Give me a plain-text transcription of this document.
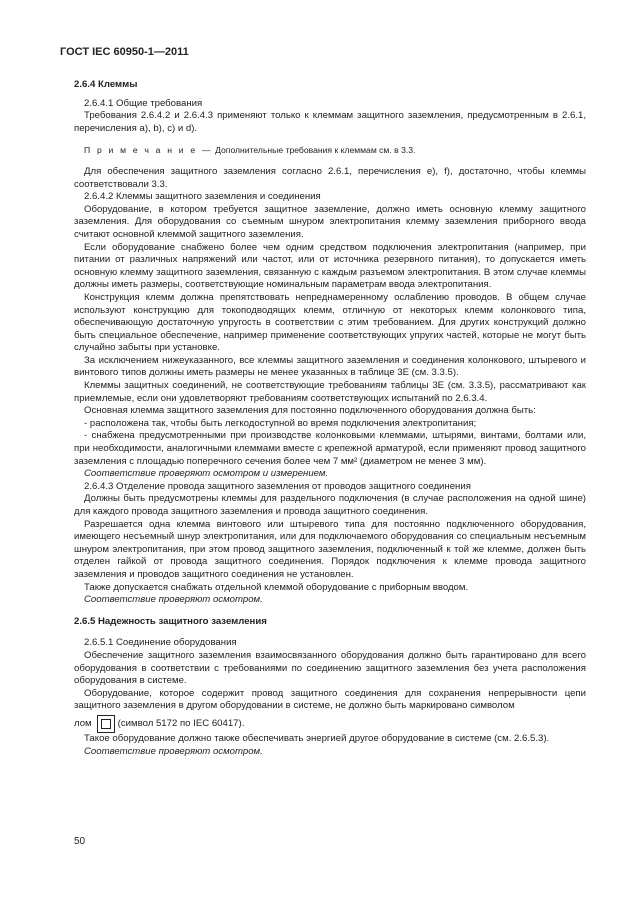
ГОСТ IEC 60950-1—2011

2.6.4 Клеммы

2.6.4.1 Общие требования

Требования 2.6.4.2 и 2.6.4.3 применяют только к клеммам защитного заземления, предусмотренным в 2.6.1, перечисления a), b), c) и d).

П р и м е ч а н и е — Дополнительные требования к клеммам см. в 3.3.

Для обеспечения защитного заземления согласно 2.6.1, перечисления e), f), достаточно, чтобы клеммы соответствовали 3.3.

2.6.4.2 Клеммы защитного заземления и соединения

Оборудование, в котором требуется защитное заземление, должно иметь основную клемму защитного заземления. Для оборудования со съемным шнуром электропитания клемму заземления приборного ввода считают основной клеммой защитного заземления.

Если оборудование снабжено более чем одним средством подключения электропитания (например, при питании от различных напряжений или частот, или от источника резервного питания), то допускается иметь основную клемму защитного заземления, связанную с каждым разъемом электропитания. В этом случае клеммы должны иметь размеры, соответствующие номинальным параметрам ввода электропитания.

Конструкция клемм должна препятствовать непреднамеренному ослаблению проводов. В общем случае используют конструкцию для токоподводящих клемм, отличную от некоторых клемм колонкового типа, обеспечивающую достаточную упругость в соответствии с этим требованием. Для других конструкций должно быть специальное обеспечение, например применение соответствующих упругих частей, которые не могут быть случайно забыты при установке.

За исключением нижеуказанного, все клеммы защитного заземления и соединения колонкового, штыревого и винтового типов должны иметь размеры не менее указанных в таблице 3E (см. 3.3.5).

Клеммы защитных соединений, не соответствующие требованиям таблицы 3E (см. 3.3.5), рассматривают как приемлемые, если они удовлетворяют требованиям соответствующих испытаний по 2.6.3.4.

Основная клемма защитного заземления для постоянно подключенного оборудования должна быть:

- расположена так, чтобы быть легкодоступной во время подключения электропитания;

- снабжена предусмотренными при производстве колонковыми клеммами, штырями, винтами, болтами или, при необходимости, аналогичными клеммами вместе с крепежной арматурой, если применяют провод защитного заземления с площадью поперечного сечения более чем 7 мм² (диаметром не менее 3 мм).

Соответствие проверяют осмотром и измерением.

2.6.4.3 Отделение провода защитного заземления от проводов защитного соединения

Должны быть предусмотрены клеммы для раздельного подключения (в случае расположения на одной шине) для каждого провода защитного заземления и провода защитного соединения.

Разрешается одна клемма винтового или штыревого типа для постоянно подключенного оборудования, имеющего несъемный шнур электропитания, или для подключаемого оборудования со специальным несъемным шнуром электропитания, при этом провод защитного заземления, подключенный к той же клемме, должен быть отделен гайкой от провода защитного соединения. Порядок подключения к клемме провода защитного заземления и проводов защитного соединения не установлен.

Также допускается снабжать отдельной клеммой оборудование с приборным вводом.

Соответствие проверяют осмотром.

2.6.5 Надежность защитного заземления

2.6.5.1 Соединение оборудования

Обеспечение защитного заземления взаимосвязанного оборудования должно быть гарантировано для всего оборудования в соответствии с требованиями по соединению защитного заземления без учета расположения оборудования в системе.

Оборудование, которое содержит провод защитного соединения для сохранения непрерывности цепи защитного заземления в другом оборудовании в системе, не должно быть маркировано символом

лом	(символ 5172 по IEC 60417).

Такое оборудование должно также обеспечивать энергией другое оборудование в системе (см. 2.6.5.3).

Соответствие проверяют осмотром.

50
